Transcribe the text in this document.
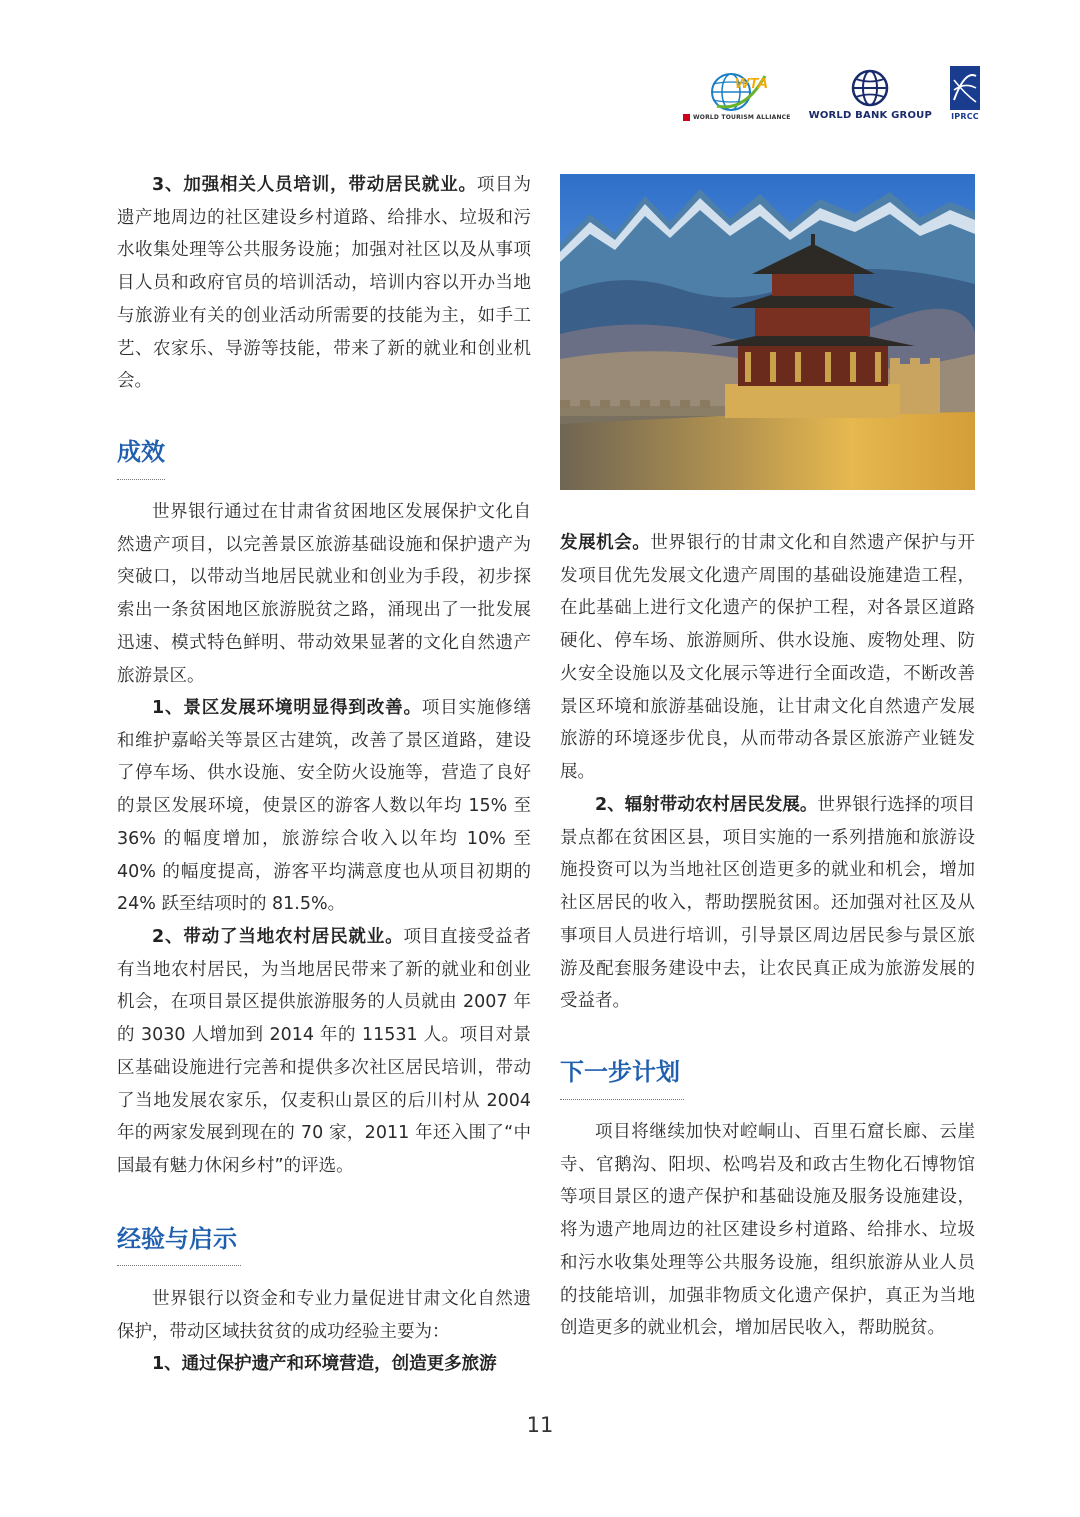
WTA
WORLD TOURISM ALLIANCE WORLD BANK GROUP IPRCC

3、加强相关人员培训，带动居民就业。项目为遗产地周边的社区建设乡村道路、给排水、垃圾和污水收集处理等公共服务设施；加强对社区以及从事项目人员和政府官员的培训活动，培训内容以开办当地与旅游业有关的创业活动所需要的技能为主，如手工艺、农家乐、导游等技能，带来了新的就业和创业机会。

成效

世界银行通过在甘肃省贫困地区发展保护文化自然遗产项目，以完善景区旅游基础设施和保护遗产为突破口，以带动当地居民就业和创业为手段，初步探索出一条贫困地区旅游脱贫之路，涌现出了一批发展迅速、模式特色鲜明、带动效果显著的文化自然遗产旅游景区。

1、景区发展环境明显得到改善。项目实施修缮和维护嘉峪关等景区古建筑，改善了景区道路，建设了停车场、供水设施、安全防火设施等，营造了良好的景区发展环境，使景区的游客人数以年均 15% 至 36% 的幅度增加，旅游综合收入以年均 10% 至 40% 的幅度提高，游客平均满意度也从项目初期的 24% 跃至结项时的 81.5%。

2、带动了当地农村居民就业。项目直接受益者有当地农村居民，为当地居民带来了新的就业和创业机会，在项目景区提供旅游服务的人员就由 2007 年的 3030 人增加到 2014 年的 11531 人。项目对景区基础设施进行完善和提供多次社区居民培训，带动了当地发展农家乐，仅麦积山景区的后川村从 2004 年的两家发展到现在的 70 家，2011 年还入围了“中国最有魅力休闲乡村”的评选。

经验与启示

世界银行以资金和专业力量促进甘肃文化自然遗保护，带动区域扶贫贫的成功经验主要为：

1、通过保护遗产和环境营造，创造更多旅游

发展机会。世界银行的甘肃文化和自然遗产保护与开发项目优先发展文化遗产周围的基础设施建造工程，在此基础上进行文化遗产的保护工程，对各景区道路硬化、停车场、旅游厕所、供水设施、废物处理、防火安全设施以及文化展示等进行全面改造，不断改善景区环境和旅游基础设施，让甘肃文化自然遗产发展旅游的环境逐步优良，从而带动各景区旅游产业链发展。

2、辐射带动农村居民发展。世界银行选择的项目景点都在贫困区县，项目实施的一系列措施和旅游设施投资可以为当地社区创造更多的就业和机会，增加社区居民的收入，帮助摆脱贫困。还加强对社区及从事项目人员进行培训，引导景区周边居民参与景区旅游及配套服务建设中去，让农民真正成为旅游发展的受益者。

下一步计划

项目将继续加快对崆峒山、百里石窟长廊、云崖寺、官鹅沟、阳坝、松鸣岩及和政古生物化石博物馆等项目景区的遗产保护和基础设施及服务设施建设，将为遗产地周边的社区建设乡村道路、给排水、垃圾和污水收集处理等公共服务设施，组织旅游从业人员的技能培训，加强非物质文化遗产保护，真正为当地创造更多的就业机会，增加居民收入，帮助脱贫。

11
